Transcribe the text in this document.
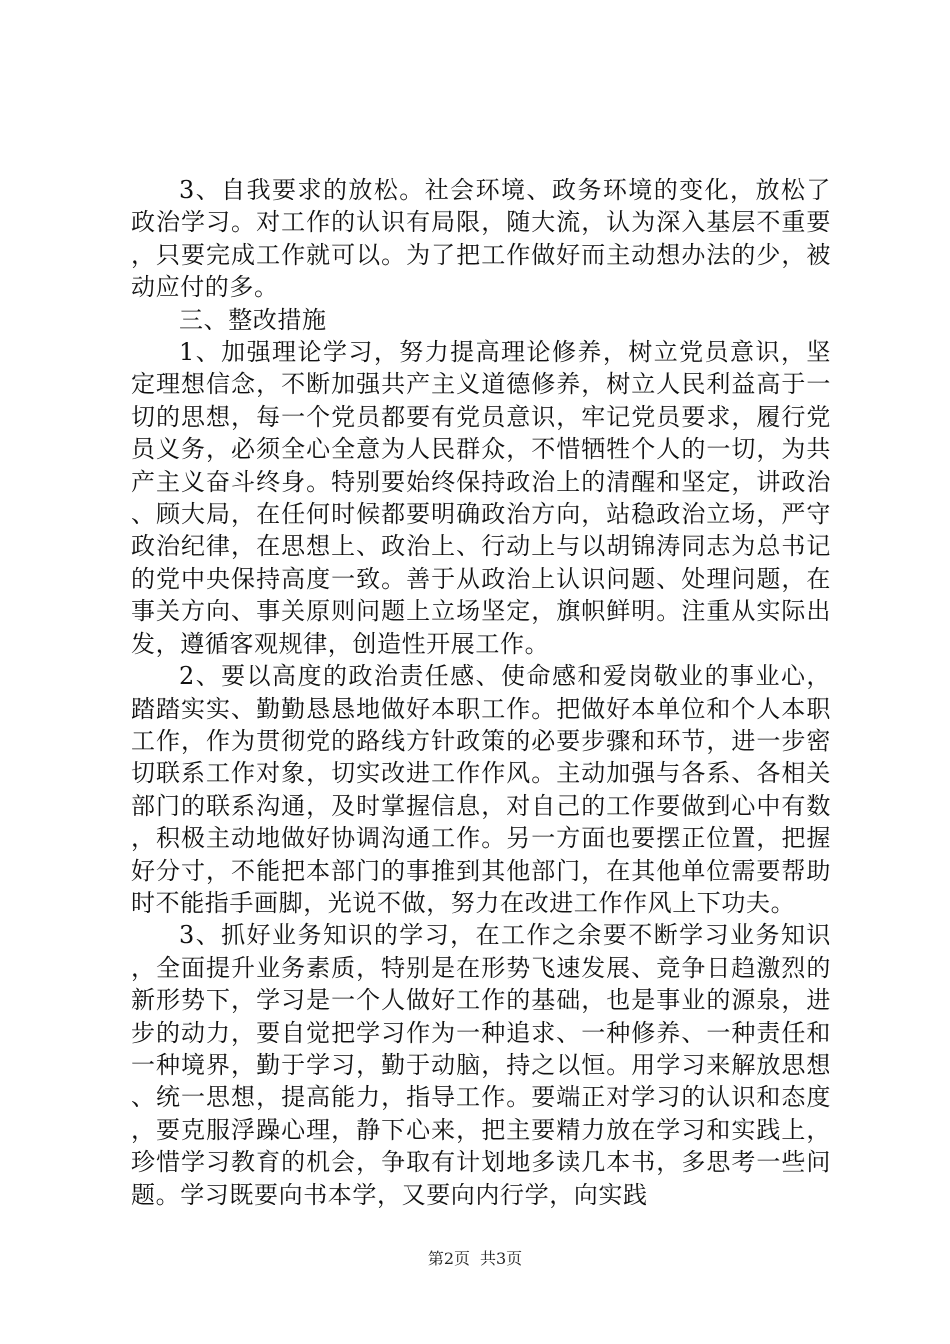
3、自我要求的放松。社会环境、政务环境的变化，放松了政治学习。对工作的认识有局限，随大流，认为深入基层不重要，只要完成工作就可以。为了把工作做好而主动想办法的少，被动应付的多。

三、整改措施

1、加强理论学习，努力提高理论修养，树立党员意识，坚定理想信念，不断加强共产主义道德修养，树立人民利益高于一切的思想，每一个党员都要有党员意识，牢记党员要求，履行党员义务，必须全心全意为人民群众，不惜牺牲个人的一切，为共产主义奋斗终身。特别要始终保持政治上的清醒和坚定，讲政治、顾大局，在任何时候都要明确政治方向，站稳政治立场，严守政治纪律，在思想上、政治上、行动上与以胡锦涛同志为总书记的党中央保持高度一致。善于从政治上认识问题、处理问题，在事关方向、事关原则问题上立场坚定，旗帜鲜明。注重从实际出发，遵循客观规律，创造性开展工作。

2、要以高度的政治责任感、使命感和爱岗敬业的事业心，踏踏实实、勤勤恳恳地做好本职工作。把做好本单位和个人本职工作，作为贯彻党的路线方针政策的必要步骤和环节，进一步密切联系工作对象，切实改进工作作风。主动加强与各系、各相关部门的联系沟通，及时掌握信息，对自己的工作要做到心中有数，积极主动地做好协调沟通工作。另一方面也要摆正位置，把握好分寸，不能把本部门的事推到其他部门，在其他单位需要帮助时不能指手画脚，光说不做，努力在改进工作作风上下功夫。

3、抓好业务知识的学习，在工作之余要不断学习业务知识，全面提升业务素质，特别是在形势飞速发展、竞争日趋激烈的新形势下，学习是一个人做好工作的基础，也是事业的源泉，进步的动力，要自觉把学习作为一种追求、一种修养、一种责任和一种境界，勤于学习，勤于动脑，持之以恒。用学习来解放思想、统一思想，提高能力，指导工作。要端正对学习的认识和态度，要克服浮躁心理，静下心来，把主要精力放在学习和实践上，珍惜学习教育的机会，争取有计划地多读几本书，多思考一些问题。学习既要向书本学，又要向内行学，向实践

第2页 共3页
